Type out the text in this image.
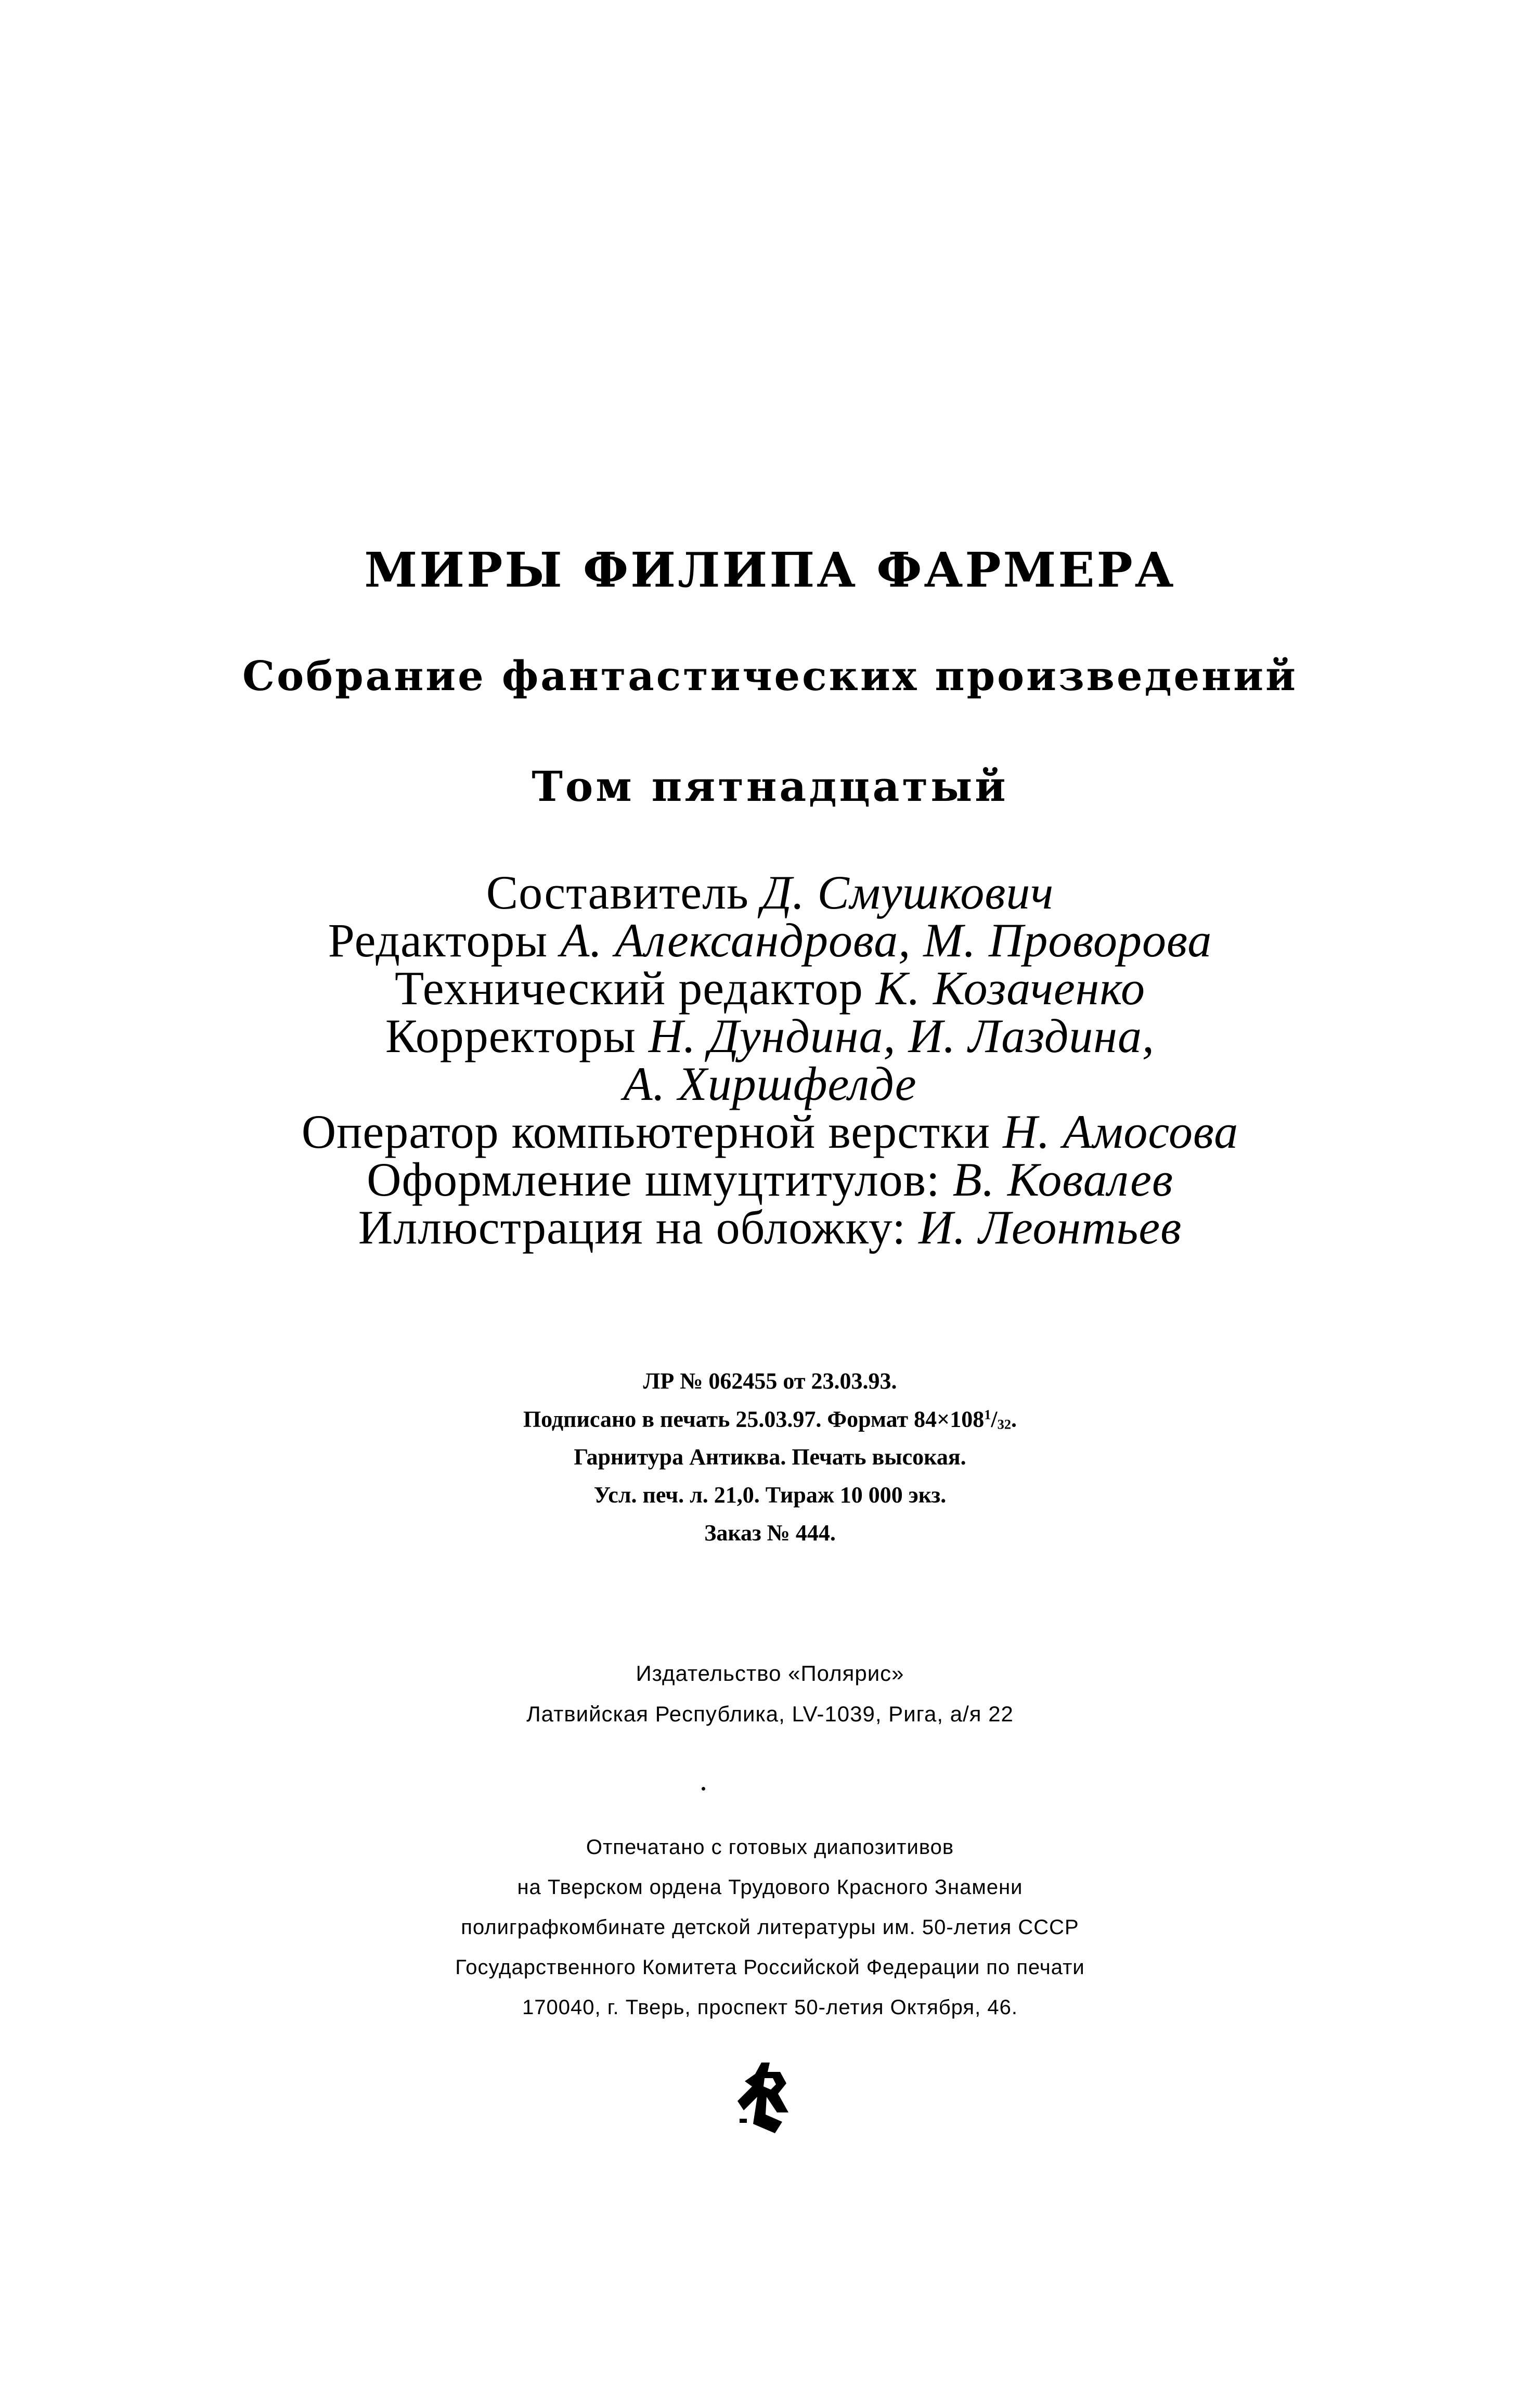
МИРЫ ФИЛИПА ФАРМЕРА
Собрание фантастических произведений
Том пятнадцатый
Составитель Д. Смушкович
Редакторы А. Александрова, М. Проворова
Технический редактор К. Козаченко
Корректоры Н. Дундина, И. Лаздина,
А. Хиршфелде
Оператор компьютерной верстки Н. Амосова
Оформление шмуцтитулов: В. Ковалев
Иллюстрация на обложку: И. Леонтьев
ЛР № 062455 от 23.03.93.
Подписано в печать 25.03.97. Формат $84\times 108^1/_{32}$.
Гарнитура Антиква. Печать высокая.
Усл. печ. л. 21,0. Тираж 10 000 экз.
Заказ № 444.
Издательство «Полярис»
Латвийская Республика, LV-1039, Рига, а/я 22
Отпечатано с готовых диапозитивов
на Тверском ордена Трудового Красного Знамени
полиграфкомбинате детской литературы им. 50-летия СССР
Государственного Комитета Российской Федерации по печати
170040, г. Тверь, проспект 50-летия Октября, 46.
